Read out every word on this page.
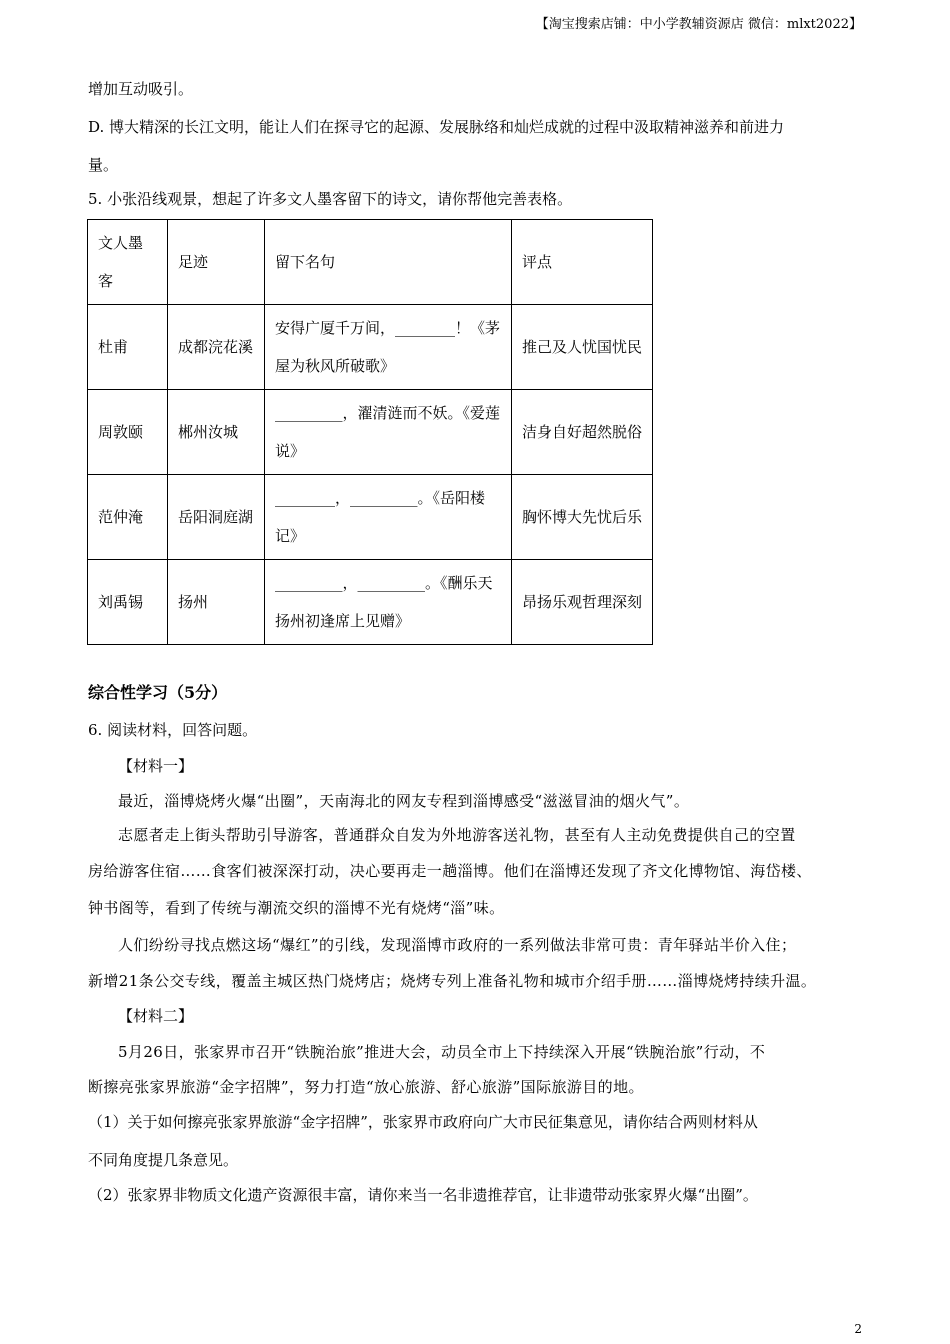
【淘宝搜索店铺：中小学教辅资源店 微信：mlxt2022】
增加互动吸引。
D. 博大精深的长江文明，能让人们在探寻它的起源、发展脉络和灿烂成就的过程中汲取精神滋养和前进力
量。
5. 小张沿线观景，想起了许多文人墨客留下的诗文，请你帮他完善表格。
文人墨客	足迹	留下名句	评点
杜甫	成都浣花溪	安得广厦千万间，________！《茅屋为秋风所破歌》	推己及人忧国忧民
周敦颐	郴州汝城	_________，濯清涟而不妖。《爱莲说》	洁身自好超然脱俗
范仲淹	岳阳洞庭湖	________，_________。《岳阳楼记》	胸怀博大先忧后乐
刘禹锡	扬州	_________，_________。《酬乐天扬州初逢席上见赠》	昂扬乐观哲理深刻
综合性学习（5分）
6. 阅读材料，回答问题。
【材料一】
最近，淄博烧烤火爆“出圈”，天南海北的网友专程到淄博感受“滋滋冒油的烟火气”。
志愿者走上街头帮助引导游客，普通群众自发为外地游客送礼物，甚至有人主动免费提供自己的空置
房给游客住宿……食客们被深深打动，决心要再走一趟淄博。他们在淄博还发现了齐文化博物馆、海岱楼、
钟书阁等，看到了传统与潮流交织的淄博不光有烧烤“淄”味。
人们纷纷寻找点燃这场“爆红”的引线，发现淄博市政府的一系列做法非常可贵：青年驿站半价入住；
新增21条公交专线，覆盖主城区热门烧烤店；烧烤专列上准备礼物和城市介绍手册……淄博烧烤持续升温。
【材料二】
5月26日，张家界市召开“铁腕治旅”推进大会，动员全市上下持续深入开展“铁腕治旅”行动，不
断擦亮张家界旅游“金字招牌”，努力打造“放心旅游、舒心旅游”国际旅游目的地。
（1）关于如何擦亮张家界旅游“金字招牌”，张家界市政府向广大市民征集意见，请你结合两则材料从
不同角度提几条意见。
（2）张家界非物质文化遗产资源很丰富，请你来当一名非遗推荐官，让非遗带动张家界火爆“出圈”。
2
